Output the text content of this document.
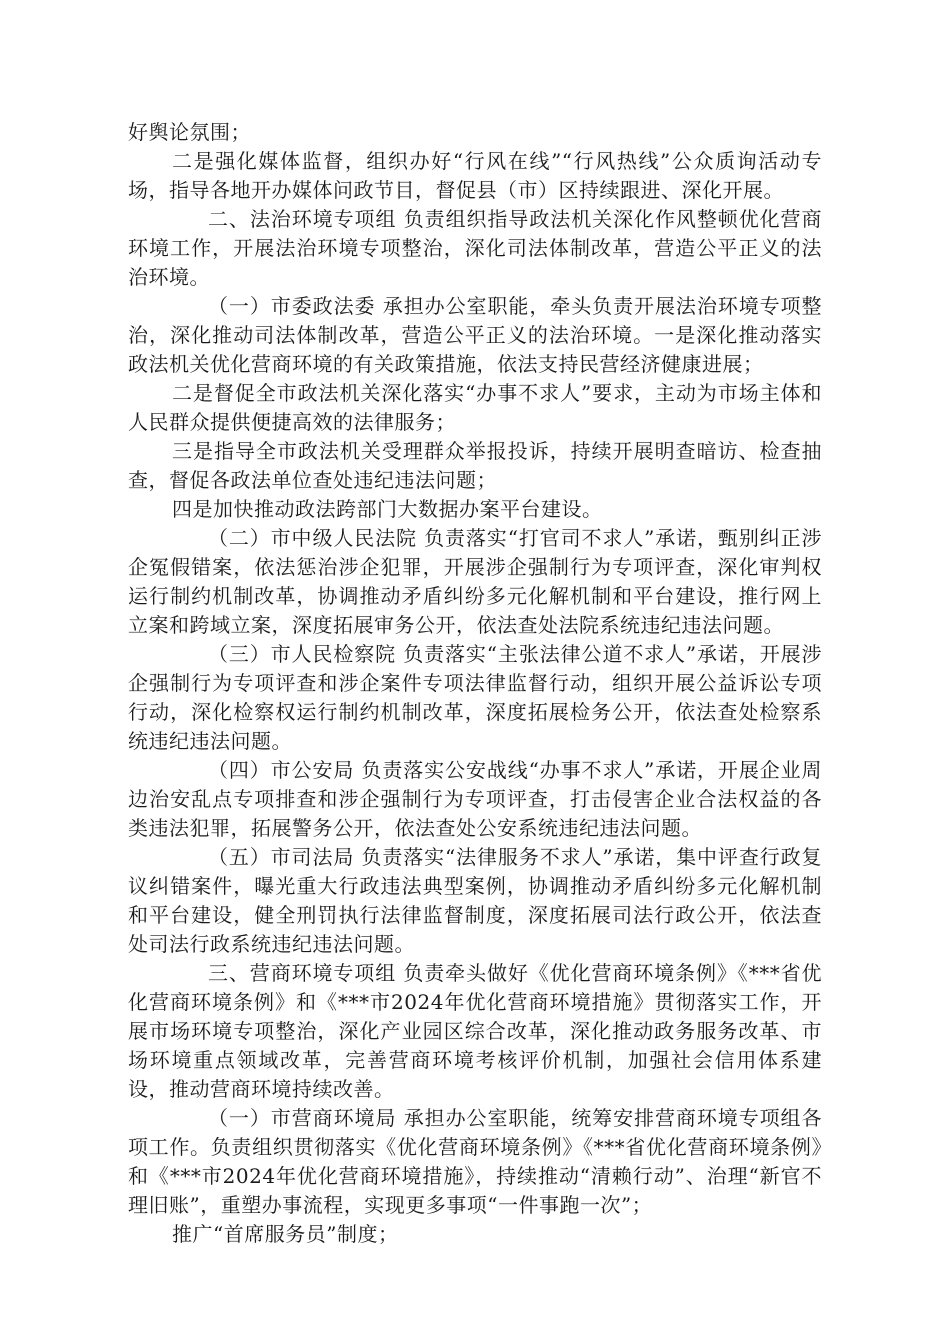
好舆论氛围；

二是强化媒体监督，组织办好“行风在线”“行风热线”公众质询活动专场，指导各地开办媒体问政节目，督促县（市）区持续跟进、深化开展。

二、法治环境专项组 负责组织指导政法机关深化作风整顿优化营商环境工作，开展法治环境专项整治，深化司法体制改革，营造公平正义的法治环境。

（一）市委政法委 承担办公室职能，牵头负责开展法治环境专项整治，深化推动司法体制改革，营造公平正义的法治环境。一是深化推动落实政法机关优化营商环境的有关政策措施，依法支持民营经济健康进展；

二是督促全市政法机关深化落实“办事不求人”要求，主动为市场主体和人民群众提供便捷高效的法律服务；

三是指导全市政法机关受理群众举报投诉，持续开展明查暗访、检查抽查，督促各政法单位查处违纪违法问题；

四是加快推动政法跨部门大数据办案平台建设。

（二）市中级人民法院 负责落实“打官司不求人”承诺，甄别纠正涉企冤假错案，依法惩治涉企犯罪，开展涉企强制行为专项评查，深化审判权运行制约机制改革，协调推动矛盾纠纷多元化解机制和平台建设，推行网上立案和跨域立案，深度拓展审务公开，依法查处法院系统违纪违法问题。

（三）市人民检察院 负责落实“主张法律公道不求人”承诺，开展涉企强制行为专项评查和涉企案件专项法律监督行动，组织开展公益诉讼专项行动，深化检察权运行制约机制改革，深度拓展检务公开，依法查处检察系统违纪违法问题。

（四）市公安局 负责落实公安战线“办事不求人”承诺，开展企业周边治安乱点专项排查和涉企强制行为专项评查，打击侵害企业合法权益的各类违法犯罪，拓展警务公开，依法查处公安系统违纪违法问题。

（五）市司法局 负责落实“法律服务不求人”承诺，集中评查行政复议纠错案件，曝光重大行政违法典型案例，协调推动矛盾纠纷多元化解机制和平台建设，健全刑罚执行法律监督制度，深度拓展司法行政公开，依法查处司法行政系统违纪违法问题。

三、营商环境专项组 负责牵头做好《优化营商环境条例》《***省优化营商环境条例》和《***市2024年优化营商环境措施》贯彻落实工作，开展市场环境专项整治，深化产业园区综合改革，深化推动政务服务改革、市场环境重点领域改革，完善营商环境考核评价机制，加强社会信用体系建设，推动营商环境持续改善。

（一）市营商环境局 承担办公室职能，统筹安排营商环境专项组各项工作。负责组织贯彻落实《优化营商环境条例》《***省优化营商环境条例》和《***市2024年优化营商环境措施》，持续推动“清赖行动”、治理“新官不理旧账”，重塑办事流程，实现更多事项“一件事跑一次”；

推广“首席服务员”制度；
